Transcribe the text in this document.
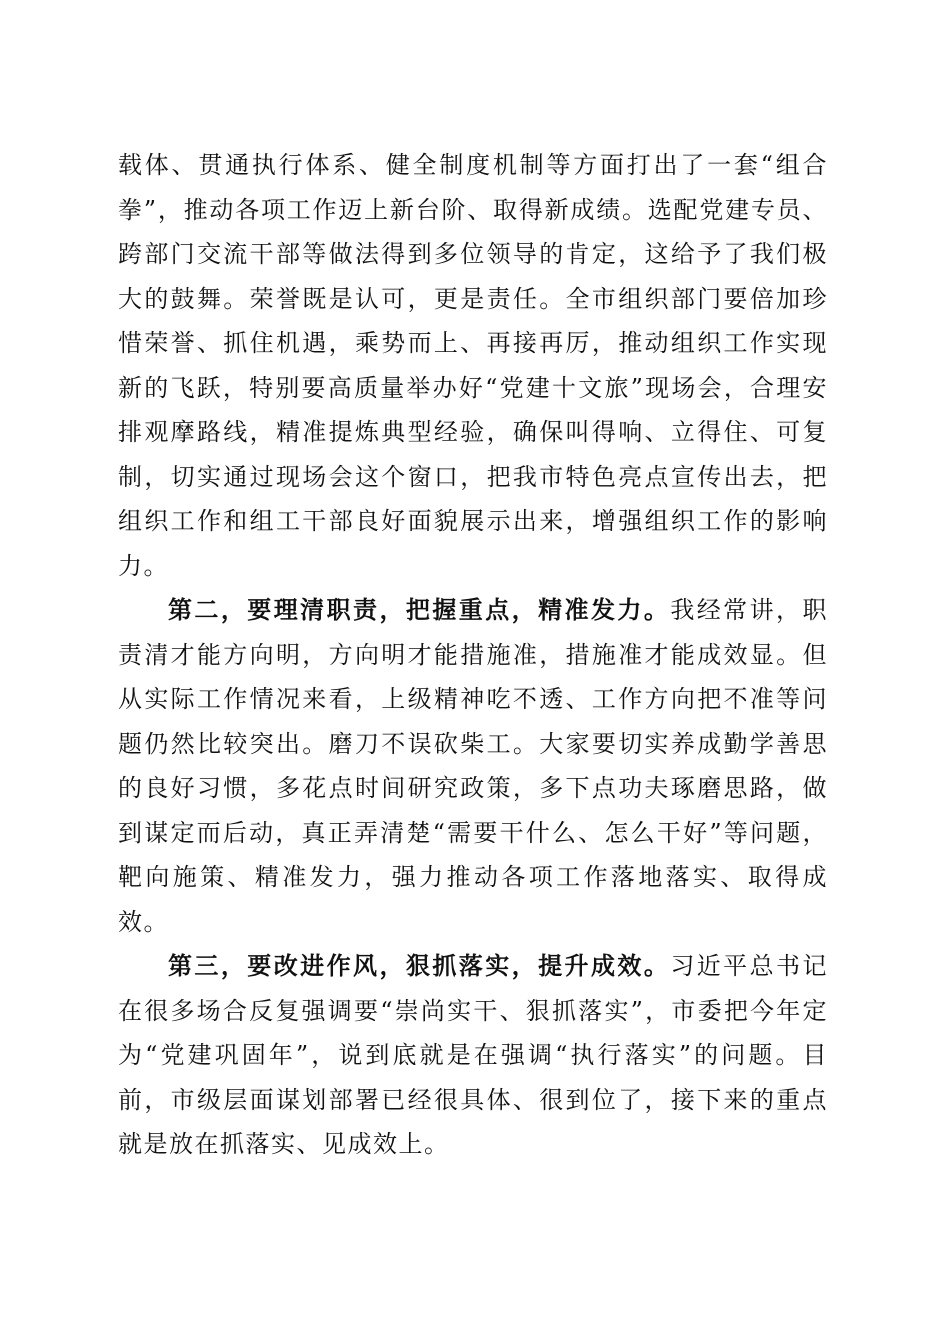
载体、贯通执行体系、健全制度机制等方面打出了一套“组合拳”，推动各项工作迈上新台阶、取得新成绩。选配党建专员、跨部门交流干部等做法得到多位领导的肯定，这给予了我们极大的鼓舞。荣誉既是认可，更是责任。全市组织部门要倍加珍惜荣誉、抓住机遇，乘势而上、再接再厉，推动组织工作实现新的飞跃，特别要高质量举办好“党建十文旅”现场会，合理安排观摩路线，精准提炼典型经验，确保叫得响、立得住、可复制，切实通过现场会这个窗口，把我市特色亮点宣传出去，把组织工作和组工干部良好面貌展示出来，增强组织工作的影响力。

第二，要理清职责，把握重点，精准发力。我经常讲，职责清才能方向明，方向明才能措施准，措施准才能成效显。但从实际工作情况来看，上级精神吃不透、工作方向把不准等问题仍然比较突出。磨刀不误砍柴工。大家要切实养成勤学善思的良好习惯，多花点时间研究政策，多下点功夫琢磨思路，做到谋定而后动，真正弄清楚“需要干什么、怎么干好”等问题，靶向施策、精准发力，强力推动各项工作落地落实、取得成效。

第三，要改进作风，狠抓落实，提升成效。习近平总书记在很多场合反复强调要“崇尚实干、狠抓落实”，市委把今年定为“党建巩固年”，说到底就是在强调“执行落实”的问题。目前，市级层面谋划部署已经很具体、很到位了，接下来的重点就是放在抓落实、见成效上。
